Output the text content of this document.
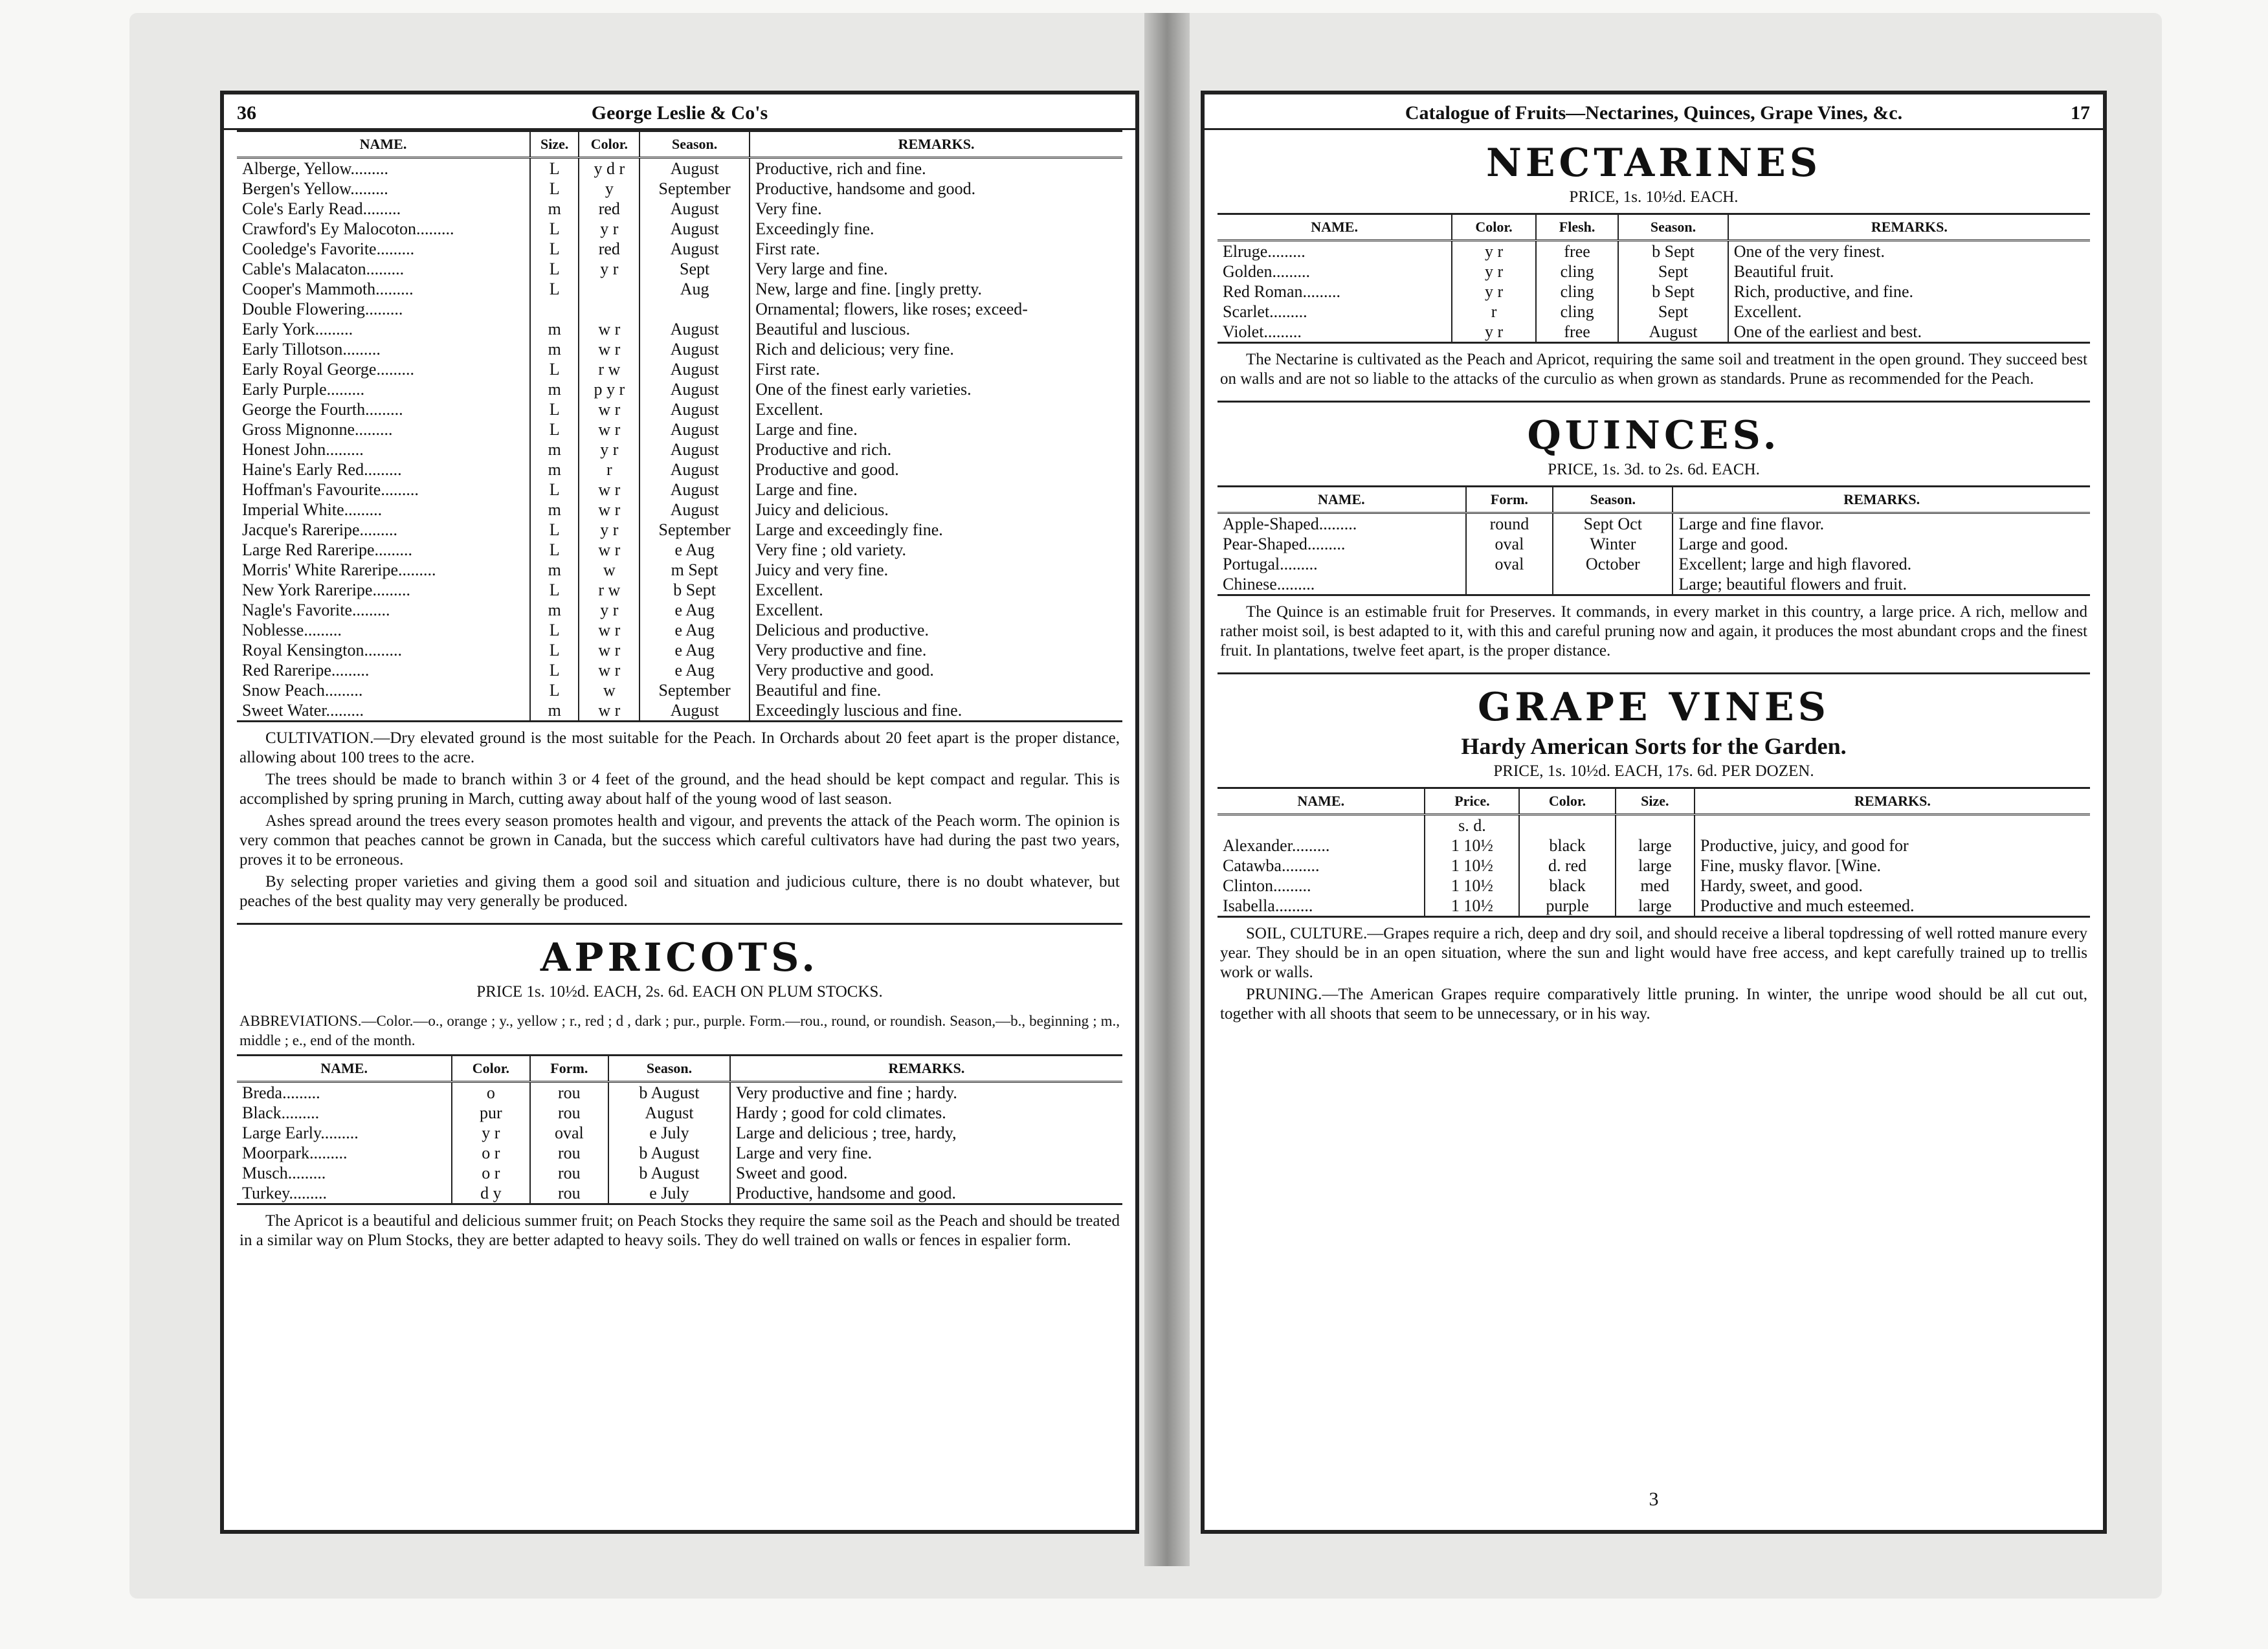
36	George Leslie & Co's
NAME.	Size.	Color.	Season.	REMARKS.
Alberge, Yellow.........	L	y d r	August	Productive, rich and fine.
Bergen's Yellow.........	L	y	September	Productive, handsome and good.
Cole's Early Read.........	m	red	August	Very fine.
Crawford's Ey Malocoton.........	L	y r	August	Exceedingly fine.
Cooledge's Favorite.........	L	red	August	First rate.
Cable's Malacaton.........	L	y r	Sept	Very large and fine.
Cooper's Mammoth.........	L		Aug	New, large and fine. [ingly pretty.
Double Flowering.........				Ornamental; flowers, like roses; exceed-
Early York.........	m	w r	August	Beautiful and luscious.
Early Tillotson.........	m	w r	August	Rich and delicious; very fine.
Early Royal George.........	L	r w	August	First rate.
Early Purple.........	m	p y r	August	One of the finest early varieties.
George the Fourth.........	L	w r	August	Excellent.
Gross Mignonne.........	L	w r	August	Large and fine.
Honest John.........	m	y r	August	Productive and rich.
Haine's Early Red.........	m	r	August	Productive and good.
Hoffman's Favourite.........	L	w r	August	Large and fine.
Imperial White.........	m	w r	August	Juicy and delicious.
Jacque's Rareripe.........	L	y r	September	Large and exceedingly fine.
Large Red Rareripe.........	L	w r	e Aug	Very fine ; old variety.
Morris' White Rareripe.........	m	w	m Sept	Juicy and very fine.
New York Rareripe.........	L	r w	b Sept	Excellent.
Nagle's Favorite.........	m	y r	e Aug	Excellent.
Noblesse.........	L	w r	e Aug	Delicious and productive.
Royal Kensington.........	L	w r	e Aug	Very productive and fine.
Red Rareripe.........	L	w r	e Aug	Very productive and good.
Snow Peach.........	L	w	September	Beautiful and fine.
Sweet Water.........	m	w r	August	Exceedingly luscious and fine.

CULTIVATION.—Dry elevated ground is the most suitable for the Peach. In Orchards about 20 feet apart is the proper distance, allowing about 100 trees to the acre.

The trees should be made to branch within 3 or 4 feet of the ground, and the head should be kept compact and regular. This is accomplished by spring pruning in March, cutting away about half of the young wood of last season.

Ashes spread around the trees every season promotes health and vigour, and prevents the attack of the Peach worm. The opinion is very common that peaches cannot be grown in Canada, but the success which careful cultivators have had during the past two years, proves it to be erroneous.

By selecting proper varieties and giving them a good soil and situation and judicious culture, there is no doubt whatever, but peaches of the best quality may very generally be produced.

APRICOTS.
PRICE 1s. 10½d. EACH, 2s. 6d. EACH ON PLUM STOCKS.
ABBREVIATIONS.—Color.—o., orange ; y., yellow ; r., red ; d , dark ; pur., purple. Form.—rou., round, or roundish. Season,—b., beginning ; m., middle ; e., end of the month.
NAME.	Color.	Form.	Season.	REMARKS.
Breda.........	o	rou	b August	Very productive and fine ; hardy.
Black.........	pur	rou	August	Hardy ; good for cold climates.
Large Early.........	y r	oval	e July	Large and delicious ; tree, hardy,
Moorpark.........	o r	rou	b August	Large and very fine.
Musch.........	o r	rou	b August	Sweet and good.
Turkey.........	d y	rou	e July	Productive, handsome and good.

The Apricot is a beautiful and delicious summer fruit; on Peach Stocks they require the same soil as the Peach and should be treated in a similar way on Plum Stocks, they are better adapted to heavy soils. They do well trained on walls or fences in espalier form.

Catalogue of Fruits—Nectarines, Quinces, Grape Vines, &c.	17
NECTARINES
PRICE, 1s. 10½d. EACH.
NAME.	Color.	Flesh.	Season.	REMARKS.
Elruge.........	y r	free	b Sept	One of the very finest.
Golden.........	y r	cling	Sept	Beautiful fruit.
Red Roman.........	y r	cling	b Sept	Rich, productive, and fine.
Scarlet.........	r	cling	Sept	Excellent.
Violet.........	y r	free	August	One of the earliest and best.

The Nectarine is cultivated as the Peach and Apricot, requiring the same soil and treatment in the open ground. They succeed best on walls and are not so liable to the attacks of the curculio as when grown as standards. Prune as recommended for the Peach.

QUINCES.
PRICE, 1s. 3d. to 2s. 6d. EACH.
NAME.	Form.	Season.	REMARKS.
Apple-Shaped.........	round	Sept Oct	Large and fine flavor.
Pear-Shaped.........	oval	Winter	Large and good.
Portugal.........	oval	October	Excellent; large and high flavored.
Chinese.........			Large; beautiful flowers and fruit.

The Quince is an estimable fruit for Preserves. It commands, in every market in this country, a large price. A rich, mellow and rather moist soil, is best adapted to it, with this and careful pruning now and again, it produces the most abundant crops and the finest fruit. In plantations, twelve feet apart, is the proper distance.

GRAPE VINES
Hardy American Sorts for the Garden.
PRICE, 1s. 10½d. EACH, 17s. 6d. PER DOZEN.
NAME.	Price.	Color.	Size.	REMARKS.
	s. d.			
Alexander.........	1 10½	black	large	Productive, juicy, and good for
Catawba.........	1 10½	d. red	large	Fine, musky flavor. [Wine.
Clinton.........	1 10½	black	med	Hardy, sweet, and good.
Isabella.........	1 10½	purple	large	Productive and much esteemed.

SOIL, CULTURE.—Grapes require a rich, deep and dry soil, and should receive a liberal topdressing of well rotted manure every year. They should be in an open situation, where the sun and light would have free access, and kept carefully trained up to trellis work or walls.

PRUNING.—The American Grapes require comparatively little pruning. In winter, the unripe wood should be all cut out, together with all shoots that seem to be unnecessary, or in his way.

3
